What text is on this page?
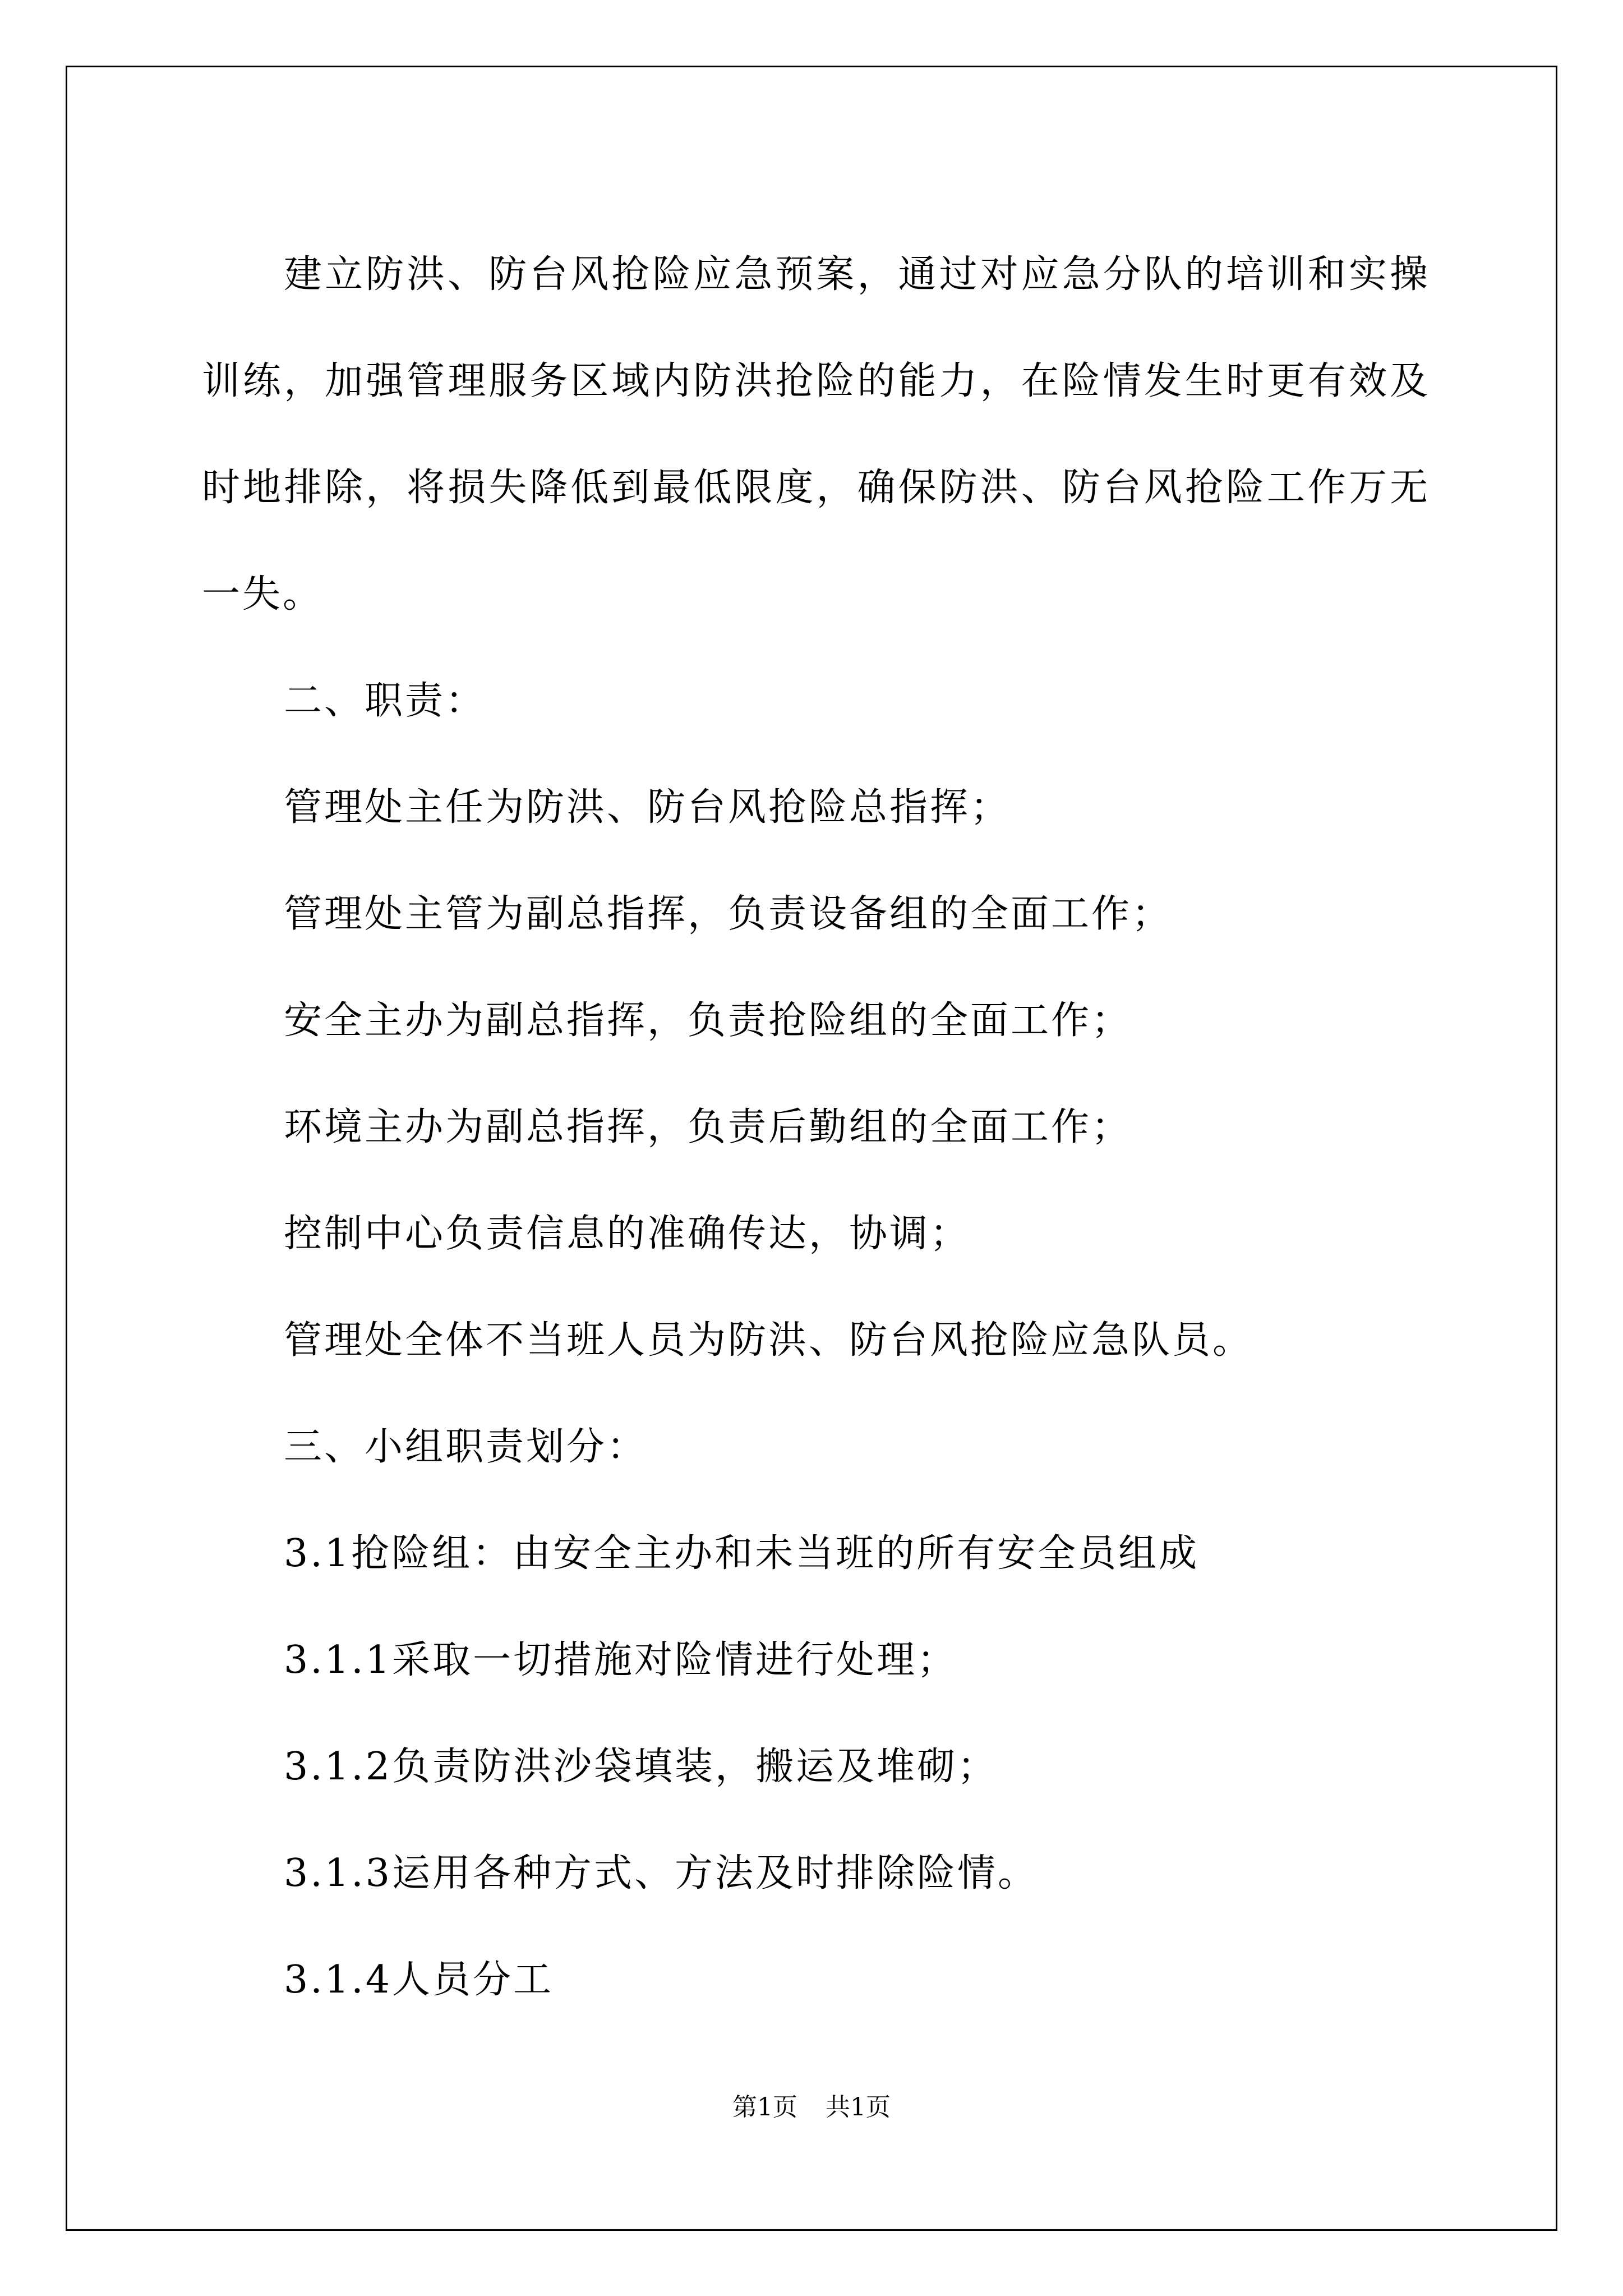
建立防洪、防台风抢险应急预案，通过对应急分队的培训和实操训练，加强管理服务区域内防洪抢险的能力，在险情发生时更有效及时地排除，将损失降低到最低限度，确保防洪、防台风抢险工作万无一失。

二、职责：

管理处主任为防洪、防台风抢险总指挥；

管理处主管为副总指挥，负责设备组的全面工作；

安全主办为副总指挥，负责抢险组的全面工作；

环境主办为副总指挥，负责后勤组的全面工作；

控制中心负责信息的准确传达，协调；

管理处全体不当班人员为防洪、防台风抢险应急队员。

三、小组职责划分：

3.1抢险组：由安全主办和未当班的所有安全员组成

3.1.1采取一切措施对险情进行处理；

3.1.2负责防洪沙袋填装，搬运及堆砌；

3.1.3运用各种方式、方法及时排除险情。

3.1.4人员分工

第1页 共1页
